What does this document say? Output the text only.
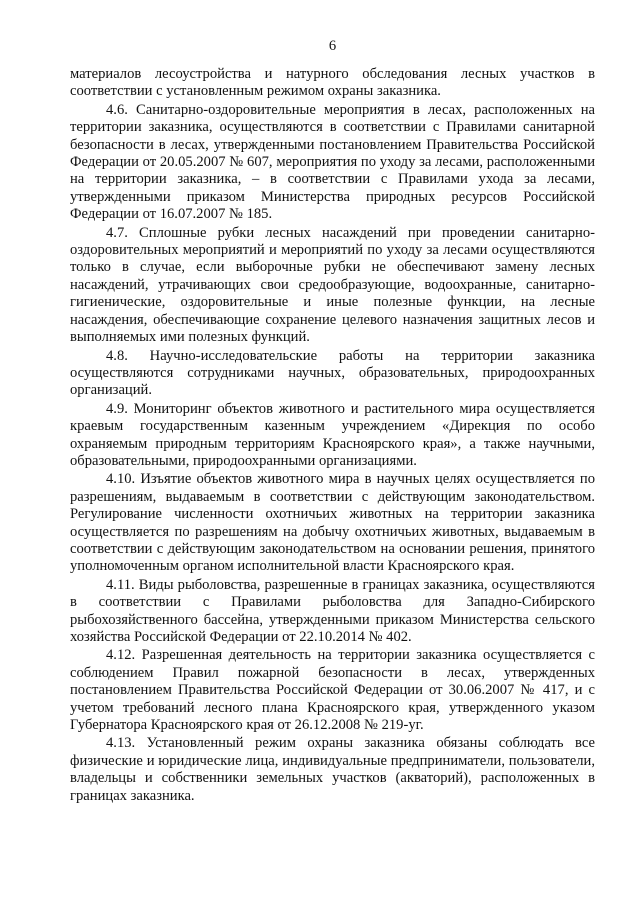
6

материалов лесоустройства и натурного обследования лесных участков в соответствии с установленным режимом охраны заказника.

4.6. Санитарно-оздоровительные мероприятия в лесах, расположенных на территории заказника, осуществляются в соответствии с Правилами санитарной безопасности в лесах, утвержденными постановлением Правительства Российской Федерации от 20.05.2007 № 607, мероприятия по уходу за лесами, расположенными на территории заказника, – в соответствии с Правилами ухода за лесами, утвержденными приказом Министерства природных ресурсов Российской Федерации от 16.07.2007 № 185.

4.7. Сплошные рубки лесных насаждений при проведении санитарно-оздоровительных мероприятий и мероприятий по уходу за лесами осуществляются только в случае, если выборочные рубки не обеспечивают замену лесных насаждений, утрачивающих свои средообразующие, водоохранные, санитарно-гигиенические, оздоровительные и иные полезные функции, на лесные насаждения, обеспечивающие сохранение целевого назначения защитных лесов и выполняемых ими полезных функций.

4.8. Научно-исследовательские работы на территории заказника осуществляются сотрудниками научных, образовательных, природоохранных организаций.

4.9. Мониторинг объектов животного и растительного мира осуществляется краевым государственным казенным учреждением «Дирекция по особо охраняемым природным территориям Красноярского края», а также научными, образовательными, природоохранными организациями.

4.10. Изъятие объектов животного мира в научных целях осуществляется по разрешениям, выдаваемым в соответствии с действующим законодательством. Регулирование численности охотничьих животных на территории заказника осуществляется по разрешениям на добычу охотничьих животных, выдаваемым в соответствии с действующим законодательством на основании решения, принятого уполномоченным органом исполнительной власти Красноярского края.

4.11. Виды рыболовства, разрешенные в границах заказника, осуществляются в соответствии с Правилами рыболовства для Западно-Сибирского рыбохозяйственного бассейна, утвержденными приказом Министерства сельского хозяйства Российской Федерации от 22.10.2014 № 402.

4.12. Разрешенная деятельность на территории заказника осуществляется с соблюдением Правил пожарной безопасности в лесах, утвержденных постановлением Правительства Российской Федерации от 30.06.2007 № 417, и с учетом требований лесного плана Красноярского края, утвержденного указом Губернатора Красноярского края от 26.12.2008 № 219-уг.

4.13. Установленный режим охраны заказника обязаны соблюдать все физические и юридические лица, индивидуальные предприниматели, пользователи, владельцы и собственники земельных участков (акваторий), расположенных в границах заказника.
